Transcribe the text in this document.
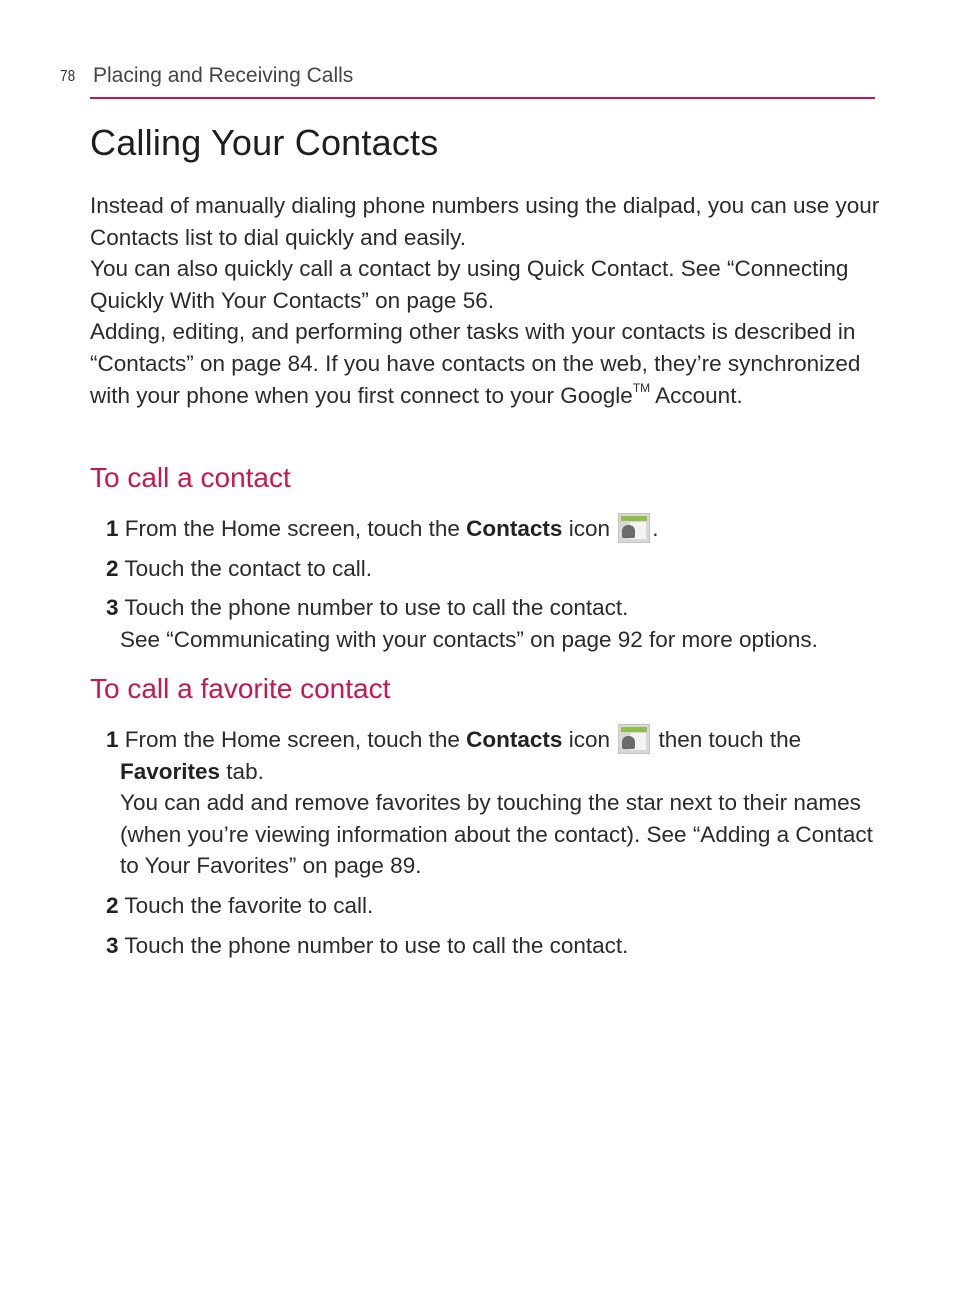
78 Placing and Receiving Calls
Calling Your Contacts

Instead of manually dialing phone numbers using the dialpad, you can use your Contacts list to dial quickly and easily.

You can also quickly call a contact by using Quick Contact. See “Connecting Quickly With Your Contacts” on page 56.

Adding, editing, and performing other tasks with your contacts is described in “Contacts” on page 84. If you have contacts on the web, they’re synchronized with your phone when you first connect to your Google™ Account.

To call a contact
1 From the Home screen, touch the Contacts icon .
2 Touch the contact to call.
3 Touch the phone number to use to call the contact.
See “Communicating with your contacts” on page 92 for more options.
To call a favorite contact
1 From the Home screen, touch the Contacts icon
then touch the
Favorites tab.
You can add and remove favorites by touching the star next to their names (when you’re viewing information about the contact). See “Adding a Contact to Your Favorites” on page 89.
2 Touch the favorite to call.
3 Touch the phone number to use to call the contact.
